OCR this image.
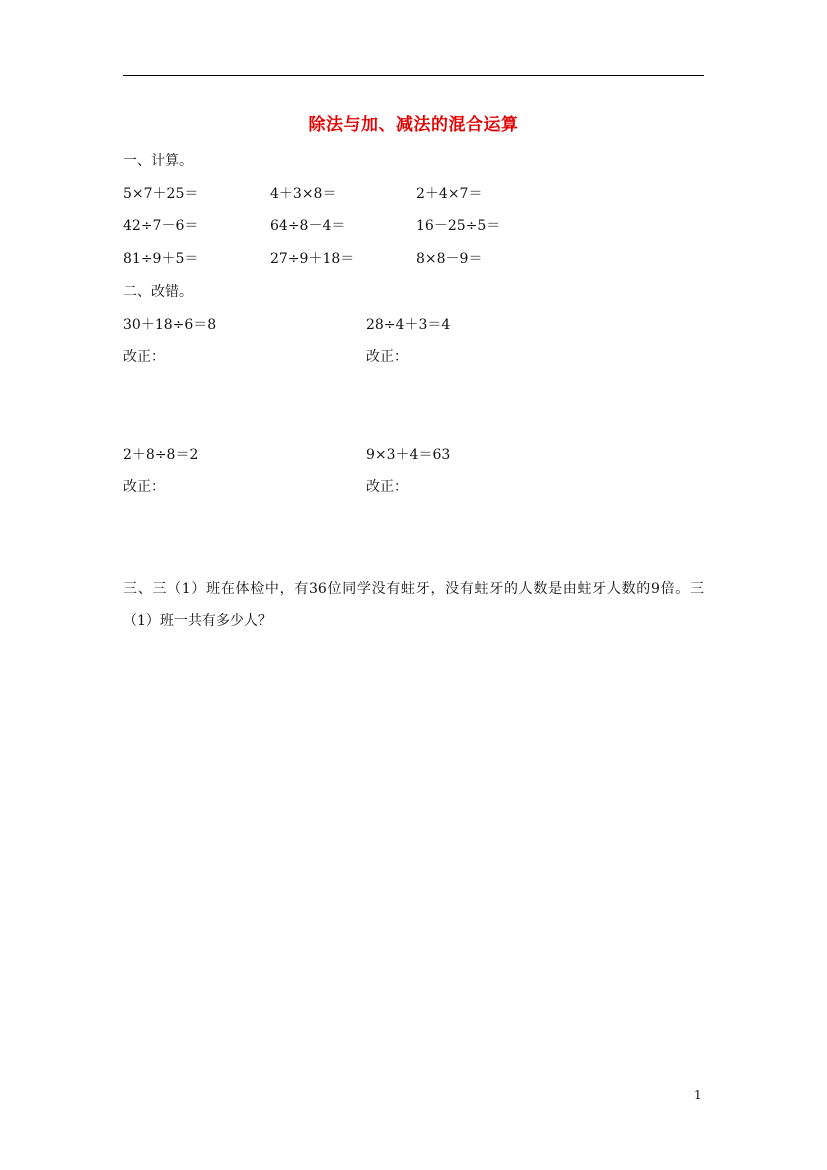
除法与加、减法的混合运算
一、计算。
5×7＋25＝	4＋3×8＝	2＋4×7＝
42÷7－6＝	64÷8－4＝	16－25÷5＝
81÷9＋5＝	27÷9＋18＝	8×8－9＝
二、改错。
30＋18÷6＝8	28÷4＋3＝4
改正：	改正：
2＋8÷8＝2	9×3＋4＝63
改正：	改正：
三、三（1）班在体检中，有36位同学没有蛀牙，没有蛀牙的人数是由蛀牙人数的9倍。三（1）班一共有多少人？
1
